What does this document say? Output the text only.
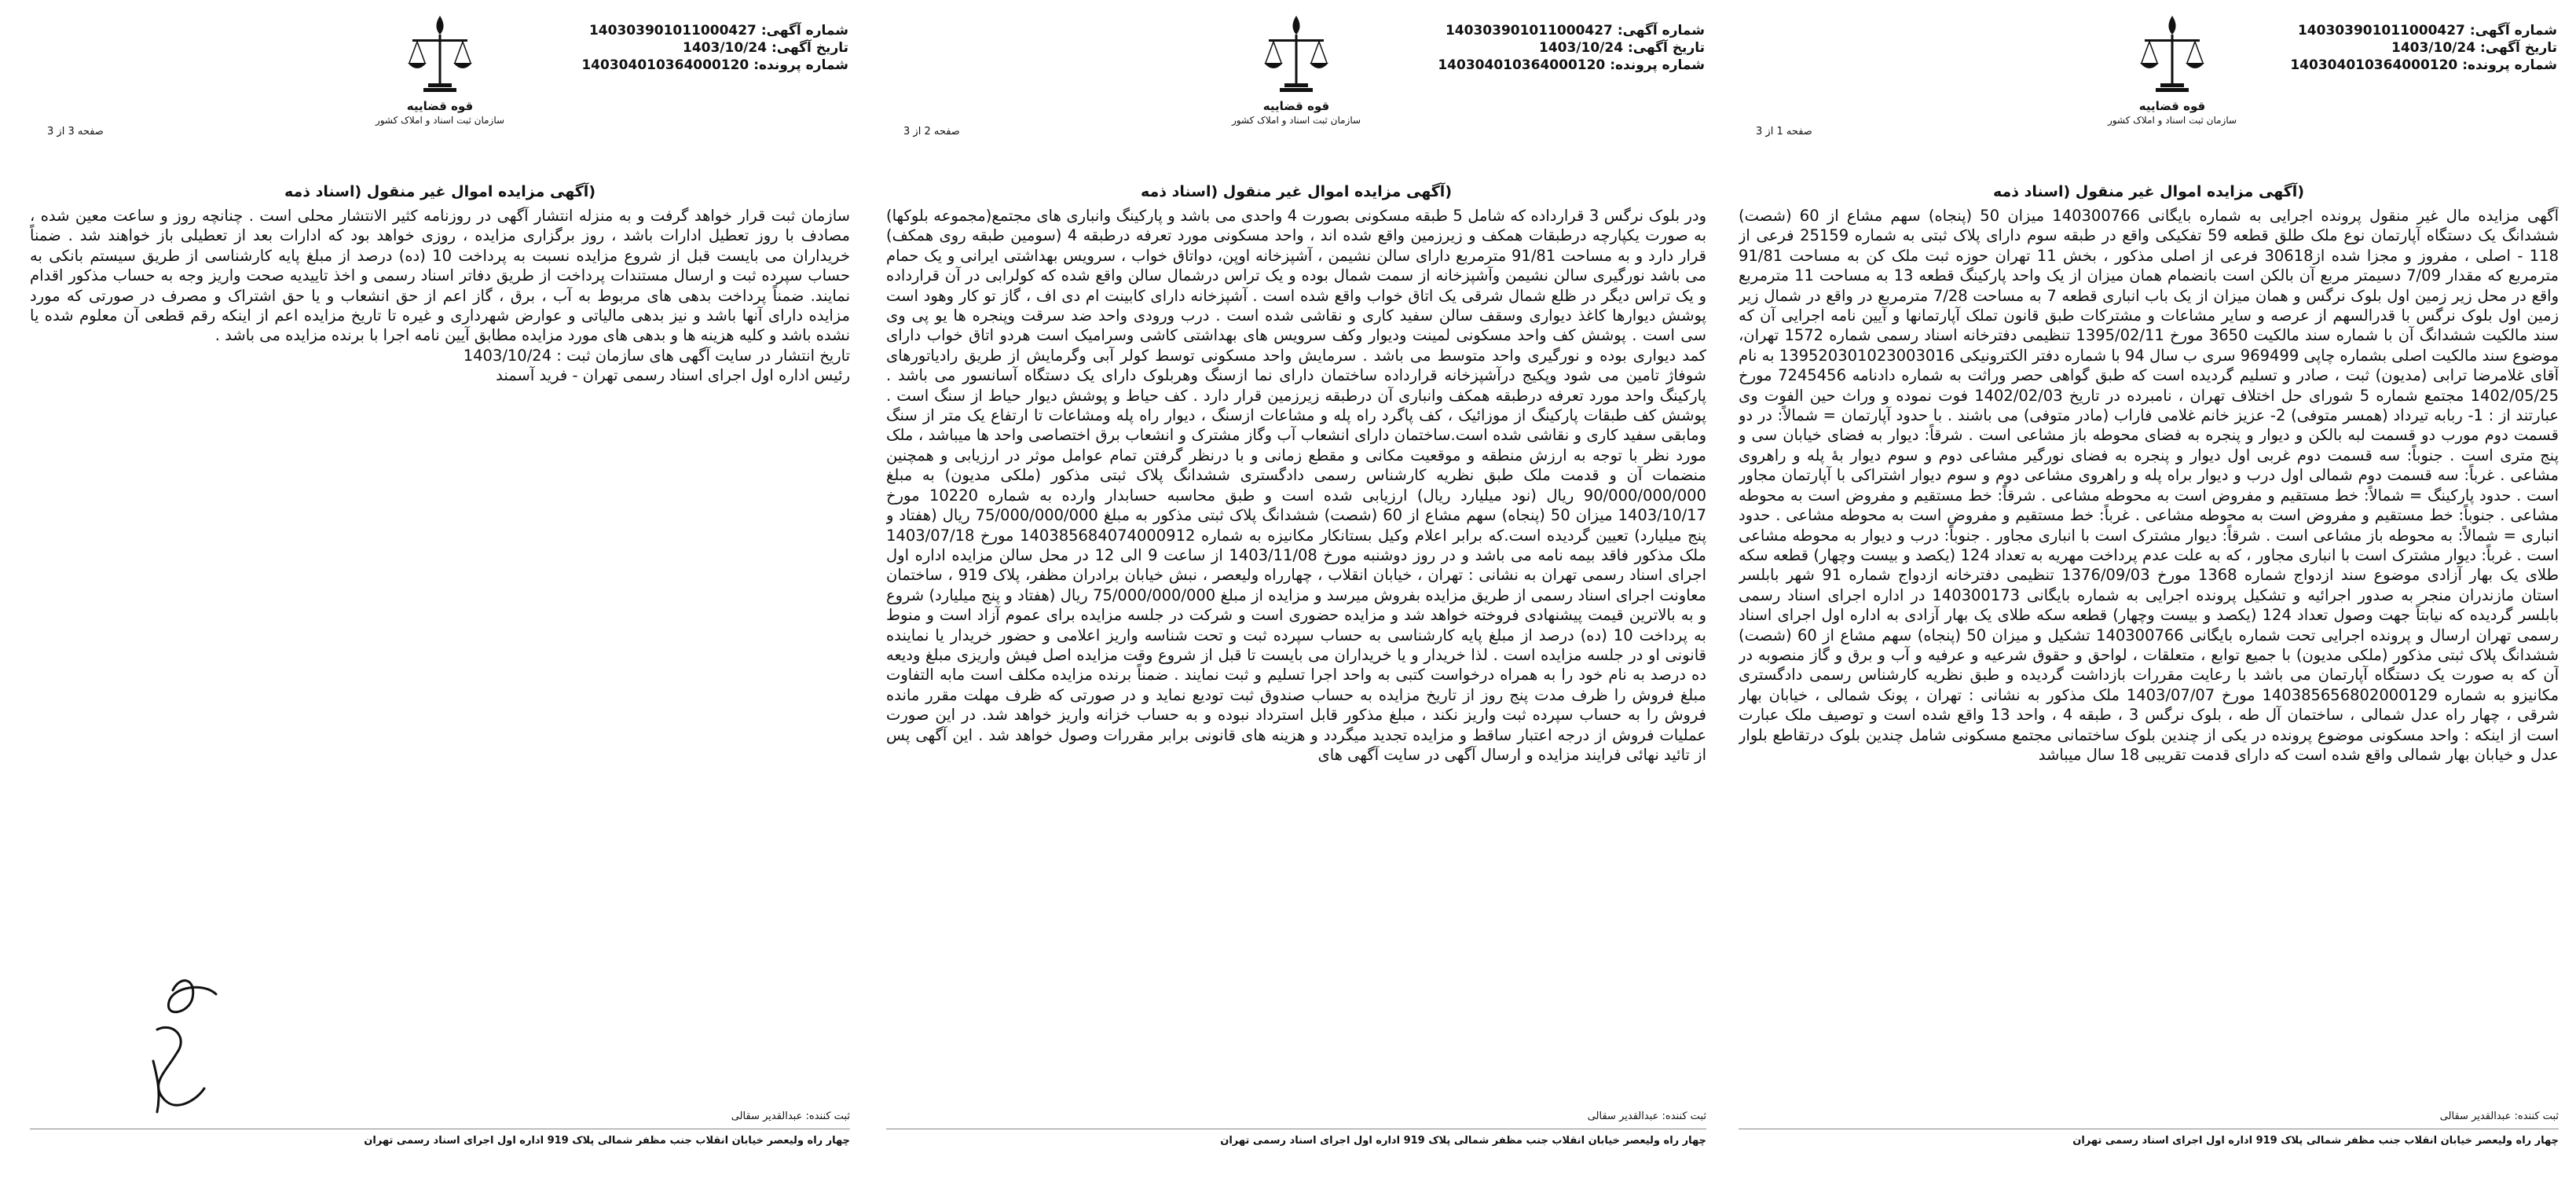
شماره آگهی: 140303901011000427
تاریخ آگهی: 1403/10/24
شماره پرونده: 140304010364000120
قوه قضاییه
سازمان ثبت اسناد و املاک کشور
صفحه 3 از 3
(آگهی مزایده اموال غیر منقول (اسناد ذمه
سازمان ثبت قرار خواهد گرفت و به منزله انتشار آگهی در روزنامه کثیر الانتشار محلی است . چنانچه روز و ساعت معین شده ، مصادف با روز تعطیل ادارات باشد ، روز برگزاری مزایده ، روزی خواهد بود که ادارات بعد از تعطیلی باز خواهند شد . ضمناً خریداران می بایست قبل از شروع مزایده نسبت به پرداخت 10 (ده) درصد از مبلغ پایه کارشناسی از طریق سیستم بانکی به حساب سپرده ثبت و ارسال مستندات پرداخت از طریق دفاتر اسناد رسمی و اخذ تاییدیه صحت واریز وجه به حساب مذکور اقدام نمایند. ضمناً پرداخت بدهی های مربوط به آب ، برق ، گاز اعم از حق انشعاب و یا حق اشتراک و مصرف در صورتی که مورد مزایده دارای آنها باشد و نیز بدهی مالیاتی و عوارض شهرداری و غیره تا تاریخ مزایده اعم از اینکه رقم قطعی آن معلوم شده یا نشده باشد و کلیه هزینه ها و بدهی های مورد مزایده مطابق آیین نامه اجرا با برنده مزایده می باشد .
تاریخ انتشار در سایت آگهی های سازمان ثبت : 1403/10/24
رئیس اداره اول اجرای اسناد رسمی تهران - فرید آسمند
ثبت کننده: عبدالقدیر سقالی
چهار راه ولیعصر خیابان انقلاب جنب مظفر شمالی پلاک 919 اداره اول اجرای اسناد رسمی تهران
شماره آگهی: 140303901011000427
تاریخ آگهی: 1403/10/24
شماره پرونده: 140304010364000120
قوه قضاییه
سازمان ثبت اسناد و املاک کشور
صفحه 2 از 3
(آگهی مزایده اموال غیر منقول (اسناد ذمه
ودر بلوک نرگس 3 قرارداده که شامل 5 طبقه مسکونی بصورت 4 واحدی می باشد و پارکینگ وانباری های مجتمع(مجموعه بلوکها) به صورت یکپارچه درطبقات همکف و زیرزمین واقع شده اند ، واحد مسکونی مورد تعرفه درطبقه 4 (سومین طبقه روی همکف) قرار دارد و به مساحت 91/81 مترمربع دارای سالن نشیمن ، آشپزخانه اوپن، دواتاق خواب ، سرویس بهداشتی ایرانی و یک حمام می باشد نورگیری سالن نشیمن وآشپزخانه از سمت شمال بوده و یک تراس درشمال سالن واقع شده که کولرابی در آن قرارداده و یک تراس دیگر در ظلع شمال شرقی یک اتاق خواب واقع شده است . آشپزخانه دارای کابینت ام دی اف ، گاز تو کار وهود است پوشش دیوارها کاغذ دیواری وسقف سالن سفید کاری و نقاشی شده است . درب ورودی واحد ضد سرقت وپنجره ها یو پی وی سی است . پوشش کف واحد مسکونی لمینت ودیوار وکف سرویس های بهداشتی کاشی وسرامیک است هردو اتاق خواب دارای کمد دیواری بوده و نورگیری واحد متوسط می باشد . سرمایش واحد مسکونی توسط کولر آبی وگرمایش از طریق رادیاتورهای شوفاژ تامین می شود وپکیج درآشپزخانه قرارداده ساختمان دارای نما ازسنگ وهربلوک دارای یک دستگاه آسانسور می باشد . پارکینگ واحد مورد تعرفه درطبقه همکف وانباری آن درطبقه زیرزمین قرار دارد . کف حیاط و پوشش دیوار حیاط از سنگ است . پوشش کف طبقات پارکینگ از موزائیک ، کف پاگرد راه پله و مشاعات ازسنگ ، دیوار راه پله ومشاعات تا ارتفاع یک متر از سنگ ومابقی سفید کاری و نقاشی شده است.ساختمان دارای انشعاب آب وگاز مشترک و انشعاب برق اختصاصی واحد ها میباشد ، ملک مورد نظر با توجه به ارزش منطقه و موقعیت مکانی و مقطع زمانی و با درنظر گرفتن تمام عوامل موثر در ارزیابی و همچنین منضمات آن و قدمت ملک طبق نظریه کارشناس رسمی دادگستری ششدانگ پلاک ثبتی مذکور (ملکی مدیون) به مبلغ 90/000/000/000 ریال (نود میلیارد ریال) ارزیابی شده است و طبق محاسبه حسابدار وارده به شماره 10220 مورخ 1403/10/17 میزان 50 (پنجاه) سهم مشاع از 60 (شصت) ششدانگ پلاک ثبتی مذکور به مبلغ 75/000/000/000 ریال (هفتاد و پنج میلیارد) تعیین گردیده است.که برابر اعلام وکیل بستانکار مکانیزه به شماره 140385684074000912 مورخ 1403/07/18 ملک مذکور فاقد بیمه نامه می باشد و در روز دوشنبه مورخ 1403/11/08 از ساعت 9 الی 12 در محل سالن مزایده اداره اول اجرای اسناد رسمی تهران به نشانی : تهران ، خیابان انقلاب ، چهارراه ولیعصر ، نبش خیابان برادران مظفر، پلاک 919 ، ساختمان معاونت اجرای اسناد رسمی از طریق مزایده بفروش میرسد و مزایده از مبلغ 75/000/000/000 ریال (هفتاد و پنج میلیارد) شروع و به بالاترین قیمت پیشنهادی فروخته خواهد شد و مزایده حضوری است و شرکت در جلسه مزایده برای عموم آزاد است و منوط به پرداخت 10 (ده) درصد از مبلغ پایه کارشناسی به حساب سپرده ثبت و تحت شناسه واریز اعلامی و حضور خریدار یا نماینده قانونی او در جلسه مزایده است . لذا خریدار و یا خریداران می بایست تا قبل از شروع وقت مزایده اصل فیش واریزی مبلغ ودیعه ده درصد به نام خود را به همراه درخواست کتبی به واحد اجرا تسلیم و ثبت نمایند . ضمناً برنده مزایده مکلف است مابه التفاوت مبلغ فروش را ظرف مدت پنج روز از تاریخ مزایده به حساب صندوق ثبت تودیع نماید و در صورتی که ظرف مهلت مقرر مانده فروش را به حساب سپرده ثبت واریز نکند ، مبلغ مذکور قابل استرداد نبوده و به حساب خزانه واریز خواهد شد. در این صورت عملیات فروش از درجه اعتبار ساقط و مزایده تجدید میگردد و هزینه های قانونی برابر مقررات وصول خواهد شد . این آگهی پس از تائید نهائی فرایند مزایده و ارسال آگهی در سایت آگهی های
ثبت کننده: عبدالقدیر سقالی
چهار راه ولیعصر خیابان انقلاب جنب مظفر شمالی پلاک 919 اداره اول اجرای اسناد رسمی تهران
شماره آگهی: 140303901011000427
تاریخ آگهی: 1403/10/24
شماره پرونده: 140304010364000120
قوه قضاییه
سازمان ثبت اسناد و املاک کشور
صفحه 1 از 3
(آگهی مزایده اموال غیر منقول (اسناد ذمه
آگهی مزایده مال غیر منقول پرونده اجرایی به شماره بایگانی 140300766 میزان 50 (پنجاه) سهم مشاع از 60 (شصت) ششدانگ یک دستگاه آپارتمان نوع ملک طلق قطعه 59 تفکیکی واقع در طبقه سوم دارای پلاک ثبتی به شماره 25159 فرعی از 118 - اصلی ، مفروز و مجزا شده از30618 فرعی از اصلی مذکور ، بخش 11 تهران حوزه ثبت ملک کن به مساحت 91/81 مترمربع که مقدار 7/09 دسیمتر مربع آن بالکن است بانضمام همان میزان از یک واحد پارکینگ قطعه 13 به مساحت 11 مترمربع واقع در محل زیر زمین اول بلوک نرگس و همان میزان از یک باب انباری قطعه 7 به مساحت 7/28 مترمربع در واقع در شمال زیر زمین اول بلوک نرگس با قدرالسهم از عرصه و سایر مشاعات و مشترکات طبق قانون تملک آپارتمانها و آیین نامه اجرایی آن که سند مالکیت ششدانگ آن با شماره سند مالکیت 3650 مورخ 1395/02/11 تنظیمی دفترخانه اسناد رسمی شماره 1572 تهران، موضوع سند مالکیت اصلی بشماره چاپی 969499 سری ب سال 94 با شماره دفتر الکترونیکی 139520301023003016 به نام آقای غلامرضا ترابی (مدیون) ثبت ، صادر و تسلیم گردیده است که طبق گواهی حصر وراثت به شماره دادنامه 7245456 مورخ 1402/05/25 مجتمع شماره 5 شورای حل اختلاف تهران ، نامبرده در تاریخ 1402/02/03 فوت نموده و وراث حین الفوت وی عبارتند از : 1- ربابه تیرداد (همسر متوفی) 2- عزیز خانم غلامی فاراب (مادر متوفی) می باشند . با حدود آپارتمان = شمالاً: در دو قسمت دوم مورب دو قسمت لبه بالکن و دیوار و پنجره به فضای محوطه باز مشاعی است . شرقاً: دیوار به فضای خیابان سی و پنج متری است . جنوباً: سه قسمت دوم غربی اول دیوار و پنجره به فضای نورگیر مشاعی دوم و سوم دیوار بهٔ پله و راهروی مشاعی . غرباً: سه قسمت دوم شمالی اول درب و دیوار براه پله و راهروی مشاعی دوم و سوم دیوار اشتراکی با آپارتمان مجاور است . حدود پارکینگ = شمالاً: خط مستقیم و مفروض است به محوطه مشاعی . شرقاً: خط مستقیم و مفروض است به محوطه مشاعی . جنوباً: خط مستقیم و مفروض است به محوطه مشاعی . غرباً: خط مستقیم و مفروض است به محوطه مشاعی . حدود انباری = شمالاً: به محوطه باز مشاعی است . شرقاً: دیوار مشترک است با انباری مجاور . جنوباً: درب و دیوار به محوطه مشاعی است . غرباً: دیوار مشترک است با انباری مجاور ، که به علت عدم پرداخت مهریه به تعداد 124 (یکصد و بیست وچهار) قطعه سکه طلای یک بهار آزادی موضوع سند ازدواج شماره 1368 مورخ 1376/09/03 تنظیمی دفترخانه ازدواج شماره 91 شهر بابلسر استان مازندران منجر به صدور اجرائیه و تشکیل پرونده اجرایی به شماره بایگانی 140300173 در اداره اجرای اسناد رسمی بابلسر گردیده که نیابتاً جهت وصول تعداد 124 (یکصد و بیست وچهار) قطعه سکه طلای یک بهار آزادی به اداره اول اجرای اسناد رسمی تهران ارسال و پرونده اجرایی تحت شماره بایگانی 140300766 تشکیل و میزان 50 (پنجاه) سهم مشاع از 60 (شصت) ششدانگ پلاک ثبتی مذکور (ملکی مدیون) با جمیع توابع ، متعلقات ، لواحق و حقوق شرعیه و عرفیه و آب و برق و گاز منصوبه در آن که به صورت یک دستگاه آپارتمان می باشد با رعایت مقررات بازداشت گردیده و طبق نظریه کارشناس رسمی دادگستری مکانیزو به شماره 140385656802000129 مورخ 1403/07/07 ملک مذکور به نشانی : تهران ، پونک شمالی ، خیابان بهار شرقی ، چهار راه عدل شمالی ، ساختمان آل طه ، بلوک نرگس 3 ، طبقه 4 ، واحد 13 واقع شده است و توصیف ملک عبارت است از اینکه : واحد مسکونی موضوع پرونده در یکی از چندین بلوک ساختمانی مجتمع مسکونی شامل چندین بلوک درتقاطع بلوار عدل و خیابان بهار شمالی واقع شده است که دارای قدمت تقریبی 18 سال میباشد
ثبت کننده: عبدالقدیر سقالی
چهار راه ولیعصر خیابان انقلاب جنب مظفر شمالی پلاک 919 اداره اول اجرای اسناد رسمی تهران
